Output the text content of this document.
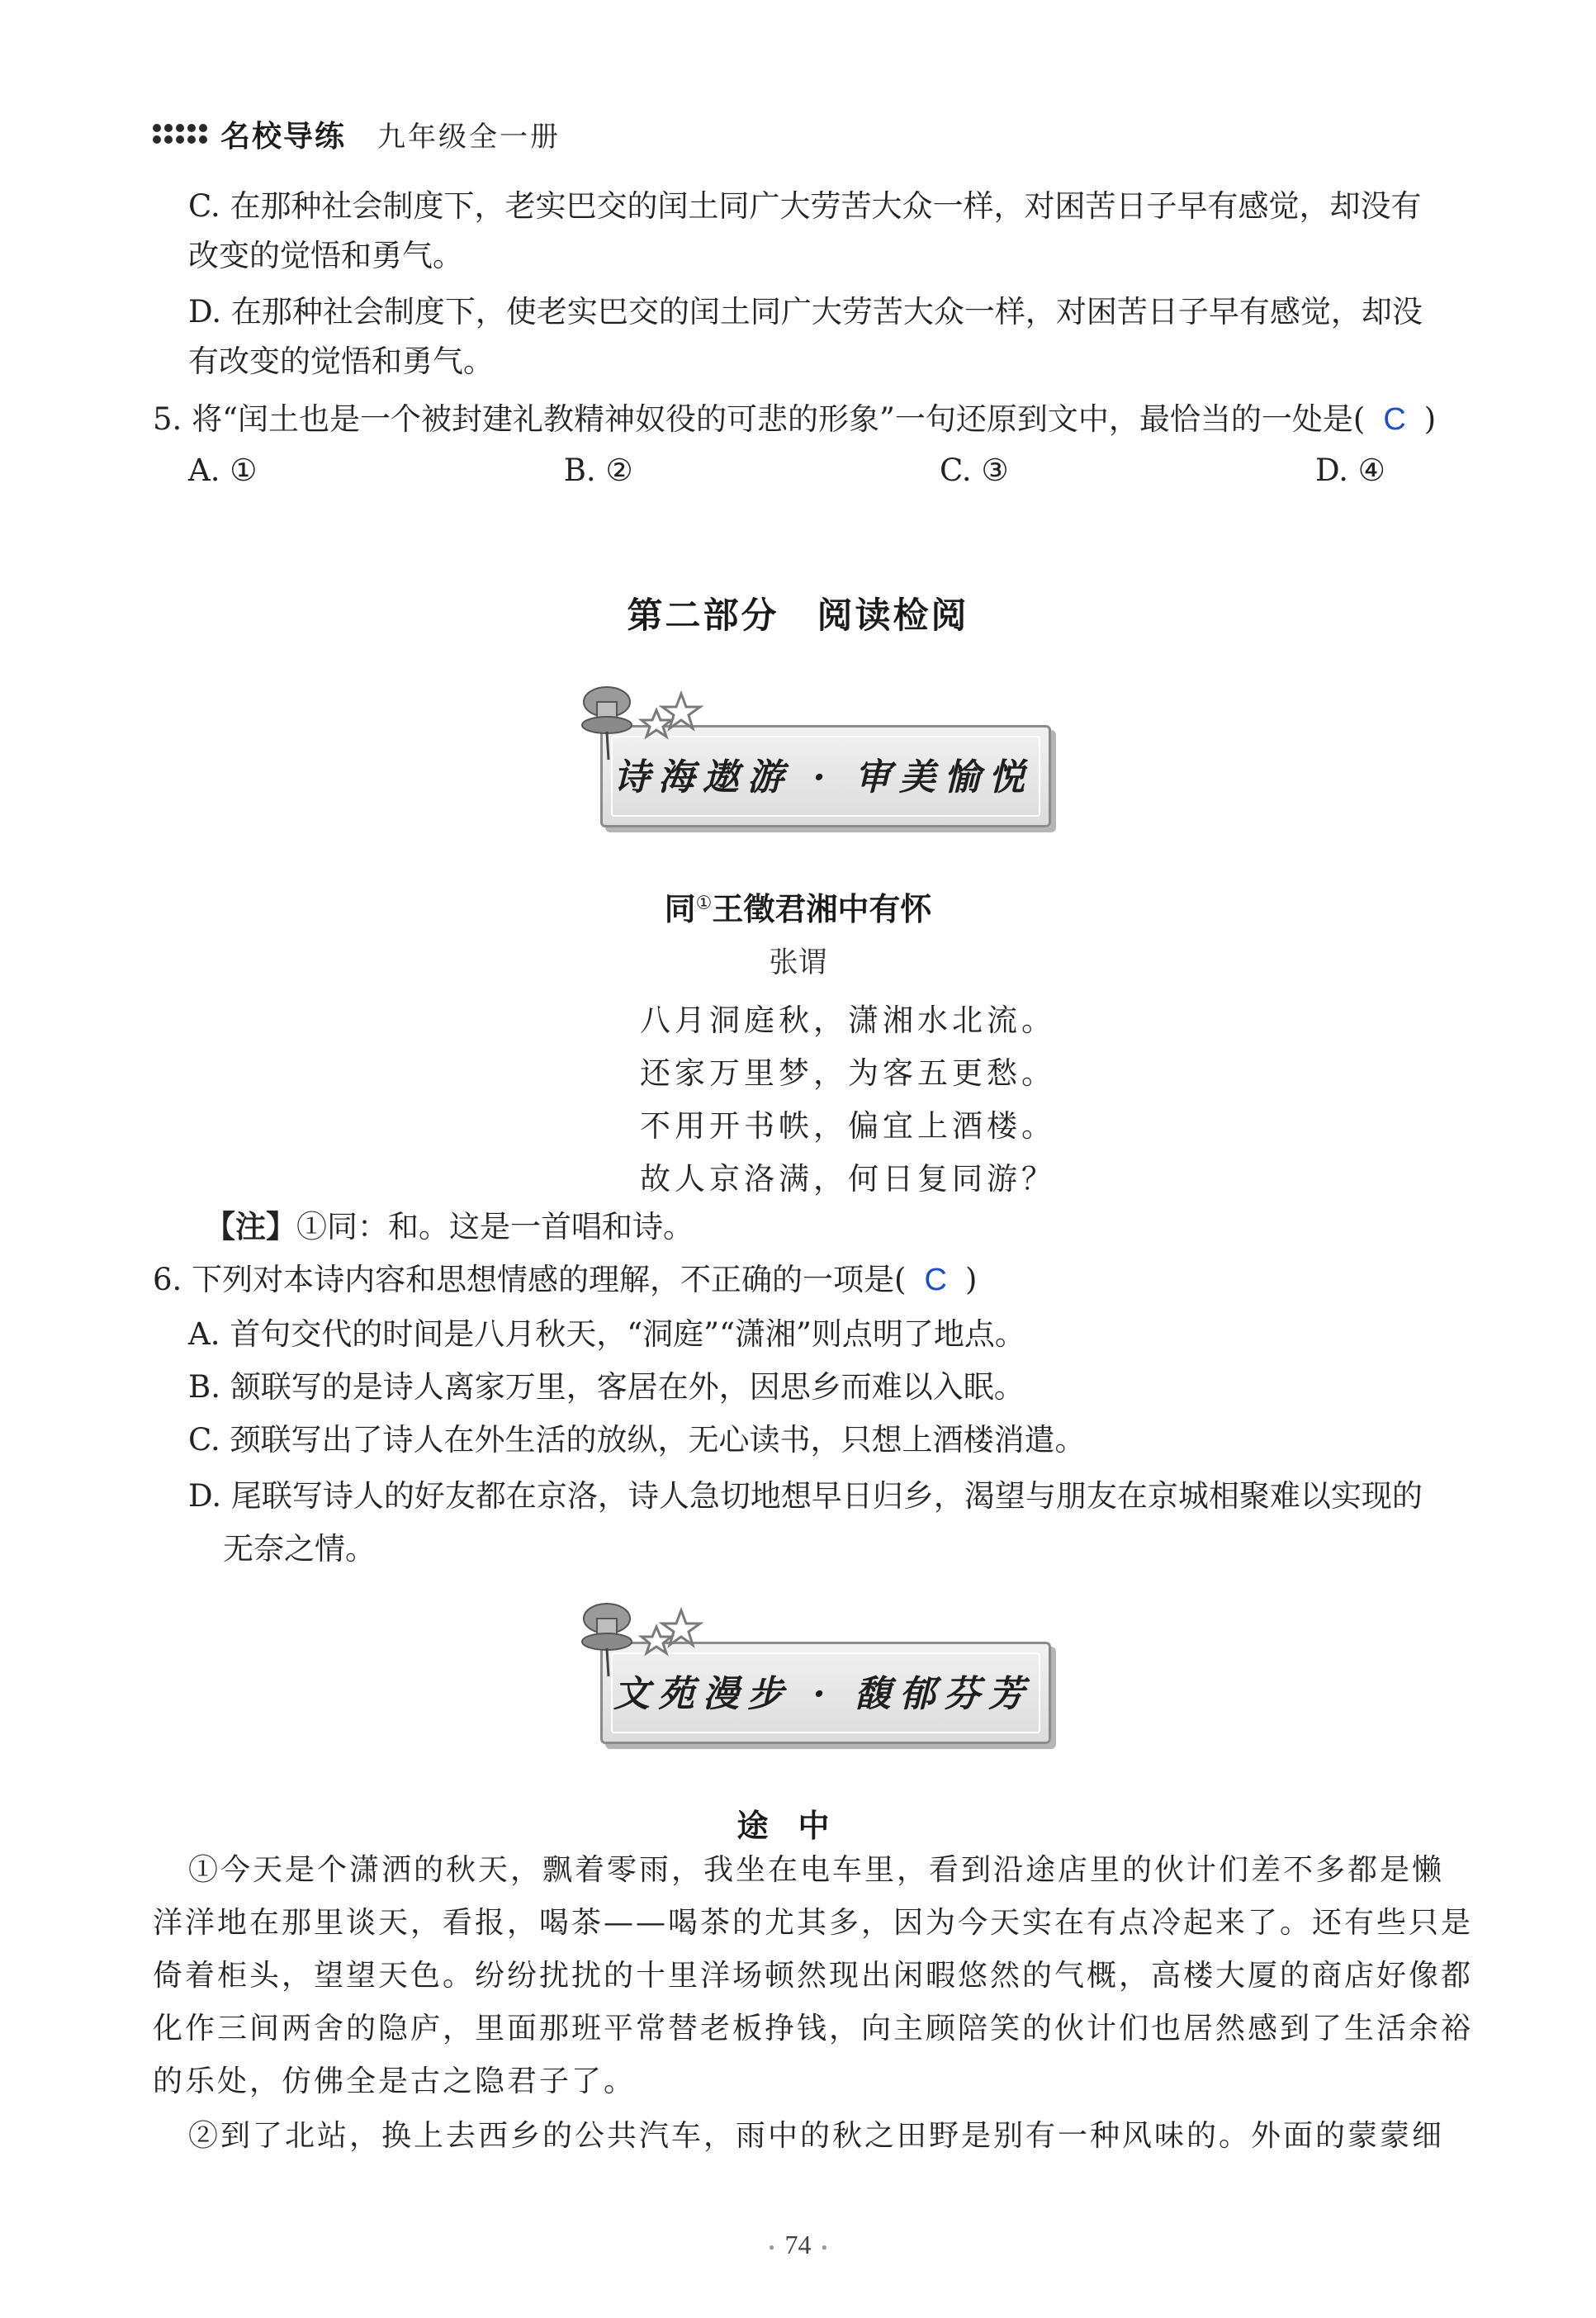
名校导练 九年级全一册
C. 在那种社会制度下，老实巴交的闰土同广大劳苦大众一样，对困苦日子早有感觉，却没有
改变的觉悟和勇气。
D. 在那种社会制度下，使老实巴交的闰土同广大劳苦大众一样，对困苦日子早有感觉，却没
有改变的觉悟和勇气。
5. 将“闰土也是一个被封建礼教精神奴役的可悲的形象”一句还原到文中，最恰当的一处是( C )
A. ①	B. ②	C. ③	D. ④
第二部分　阅读检阅
诗海遨游 · 审美愉悦
同①王徵君湘中有怀
张谓
八月洞庭秋，潇湘水北流。
还家万里梦，为客五更愁。
不用开书帙，偏宜上酒楼。
故人京洛满，何日复同游？
【注】①同：和。这是一首唱和诗。
6. 下列对本诗内容和思想情感的理解，不正确的一项是( C )
A. 首句交代的时间是八月秋天，“洞庭”“潇湘”则点明了地点。
B. 颔联写的是诗人离家万里，客居在外，因思乡而难以入眠。
C. 颈联写出了诗人在外生活的放纵，无心读书，只想上酒楼消遣。
D. 尾联写诗人的好友都在京洛，诗人急切地想早日归乡，渴望与朋友在京城相聚难以实现的
无奈之情。
文苑漫步 · 馥郁芬芳
途中
①今天是个潇洒的秋天，飘着零雨，我坐在电车里，看到沿途店里的伙计们差不多都是懒
洋洋地在那里谈天，看报，喝茶——喝茶的尤其多，因为今天实在有点冷起来了。还有些只是
倚着柜头，望望天色。纷纷扰扰的十里洋场顿然现出闲暇悠然的气概，高楼大厦的商店好像都
化作三间两舍的隐庐，里面那班平常替老板挣钱，向主顾陪笑的伙计们也居然感到了生活余裕
的乐处，仿佛全是古之隐君子了。
②到了北站，换上去西乡的公共汽车，雨中的秋之田野是别有一种风味的。外面的蒙蒙细
• 74 •
